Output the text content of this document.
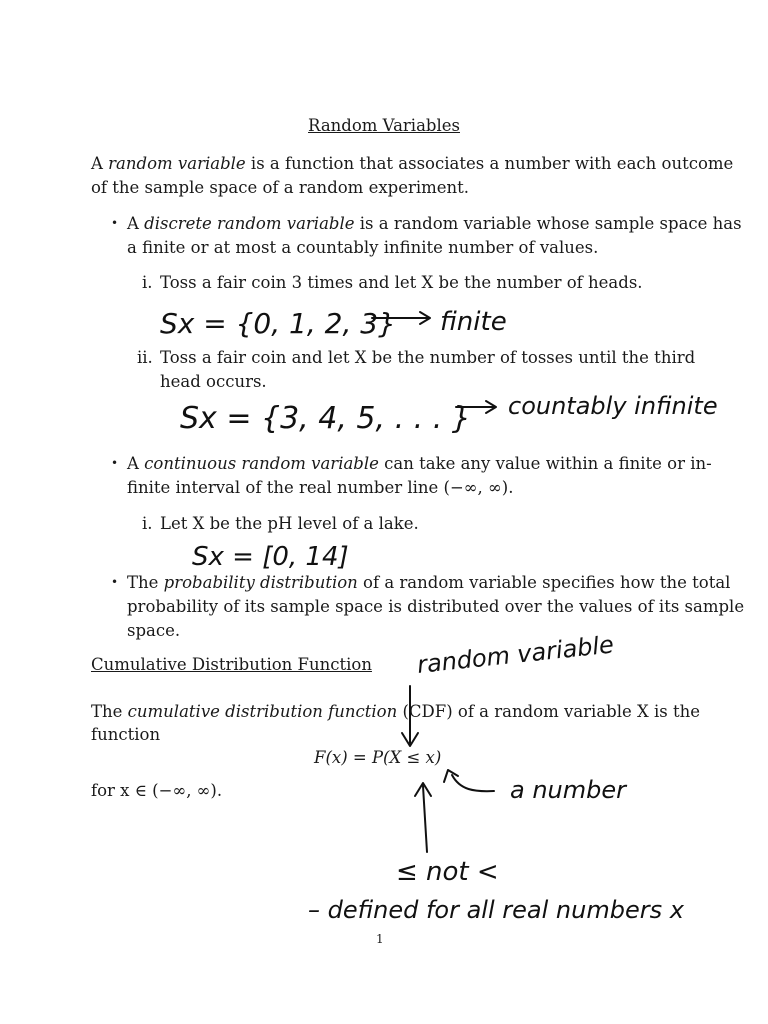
Random Variables
A random variable is a function that associates a number with each outcome
of the sample space of a random experiment.
• A discrete random variable is a random variable whose sample space has
a finite or at most a countably infinite number of values.
i. Toss a fair coin 3 times and let X be the number of heads.
ii. Toss a fair coin and let X be the number of tosses until the third
head occurs.
• A continuous random variable can take any value within a finite or in-
finite interval of the real number line (−∞, ∞).
i. Let X be the pH level of a lake.
• The probability distribution of a random variable specifies how the total
probability of its sample space is distributed over the values of its sample
space.
Cumulative Distribution Function
The cumulative distribution function (CDF) of a random variable X is the
function
F(x) = P(X ≤ x)
for x ∈ (−∞, ∞).
Sx = {0, 1, 2, 3} finite
Sx = {3, 4, 5, . . . } countably infinite
Sx = [0, 14]
random variable
a number
≤ not <
– defined for all real numbers x
1
